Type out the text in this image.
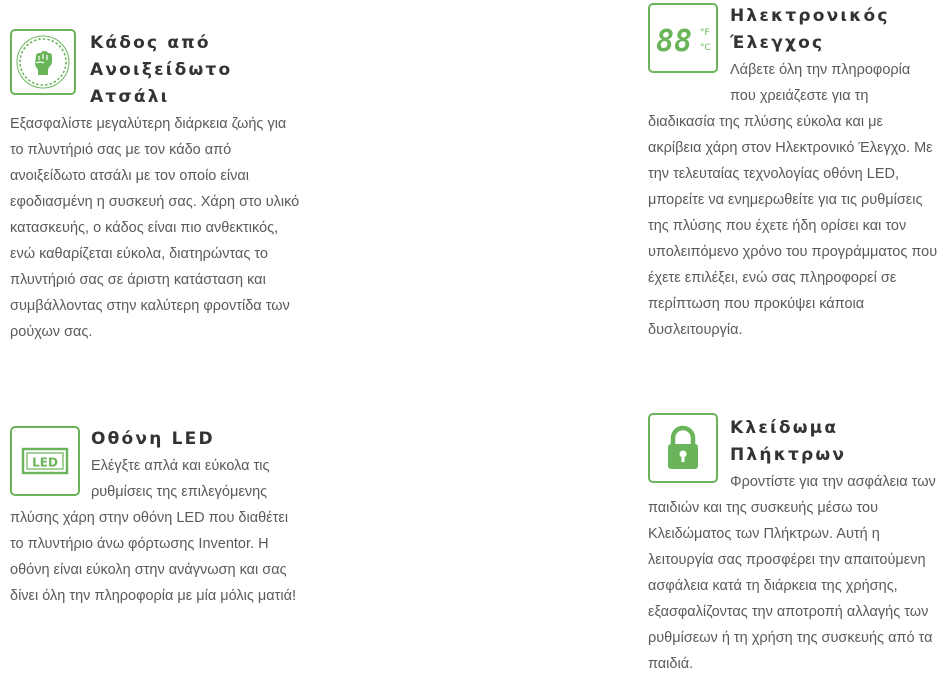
Κάδος από Ανοιξείδωτο Ατσάλι
Εξασφαλίστε μεγαλύτερη διάρκεια ζωής για το πλυντήριό σας με τον κάδο από ανοιξείδωτο ατσάλι με τον οποίο είναι εφοδιασμένη η συσκευή σας. Χάρη στο υλικό κατασκευής, ο κάδος είναι πιο ανθεκτικός, ενώ καθαρίζεται εύκολα, διατηρώντας το πλυντήριό σας σε άριστη κατάσταση και συμβάλλοντας στην καλύτερη φροντίδα των ρούχων σας.
88 °F
°C
Ηλεκτρονικός Έλεγχος
Λάβετε όλη την πληροφορία που χρειάζεστε για τη διαδικασία της πλύσης εύκολα και με ακρίβεια χάρη στον Ηλεκτρονικό Έλεγχο. Με την τελευταίας τεχνολογίας οθόνη LED, μπορείτε να ενημερωθείτε για τις ρυθμίσεις της πλύσης που έχετε ήδη ορίσει και τον υπολειπόμενο χρόνο του προγράμματος που έχετε επιλέξει, ενώ σας πληροφορεί σε περίπτωση που προκύψει κάποια δυσλειτουργία.
LED
Οθόνη LED
Ελέγξτε απλά και εύκολα τις ρυθμίσεις της επιλεγόμενης πλύσης χάρη στην οθόνη LED που διαθέτει το πλυντήριο άνω φόρτωσης Inventor. Η οθόνη είναι εύκολη στην ανάγνωση και σας δίνει όλη την πληροφορία με μία μόλις ματιά!
Κλείδωμα Πλήκτρων
Φροντίστε για την ασφάλεια των παιδιών και της συσκευής μέσω του Κλειδώματος των Πλήκτρων. Αυτή η λειτουργία σας προσφέρει την απαιτούμενη ασφάλεια κατά τη διάρκεια της χρήσης, εξασφαλίζοντας την αποτροπή αλλαγής των ρυθμίσεων ή τη χρήση της συσκευής από τα παιδιά.
